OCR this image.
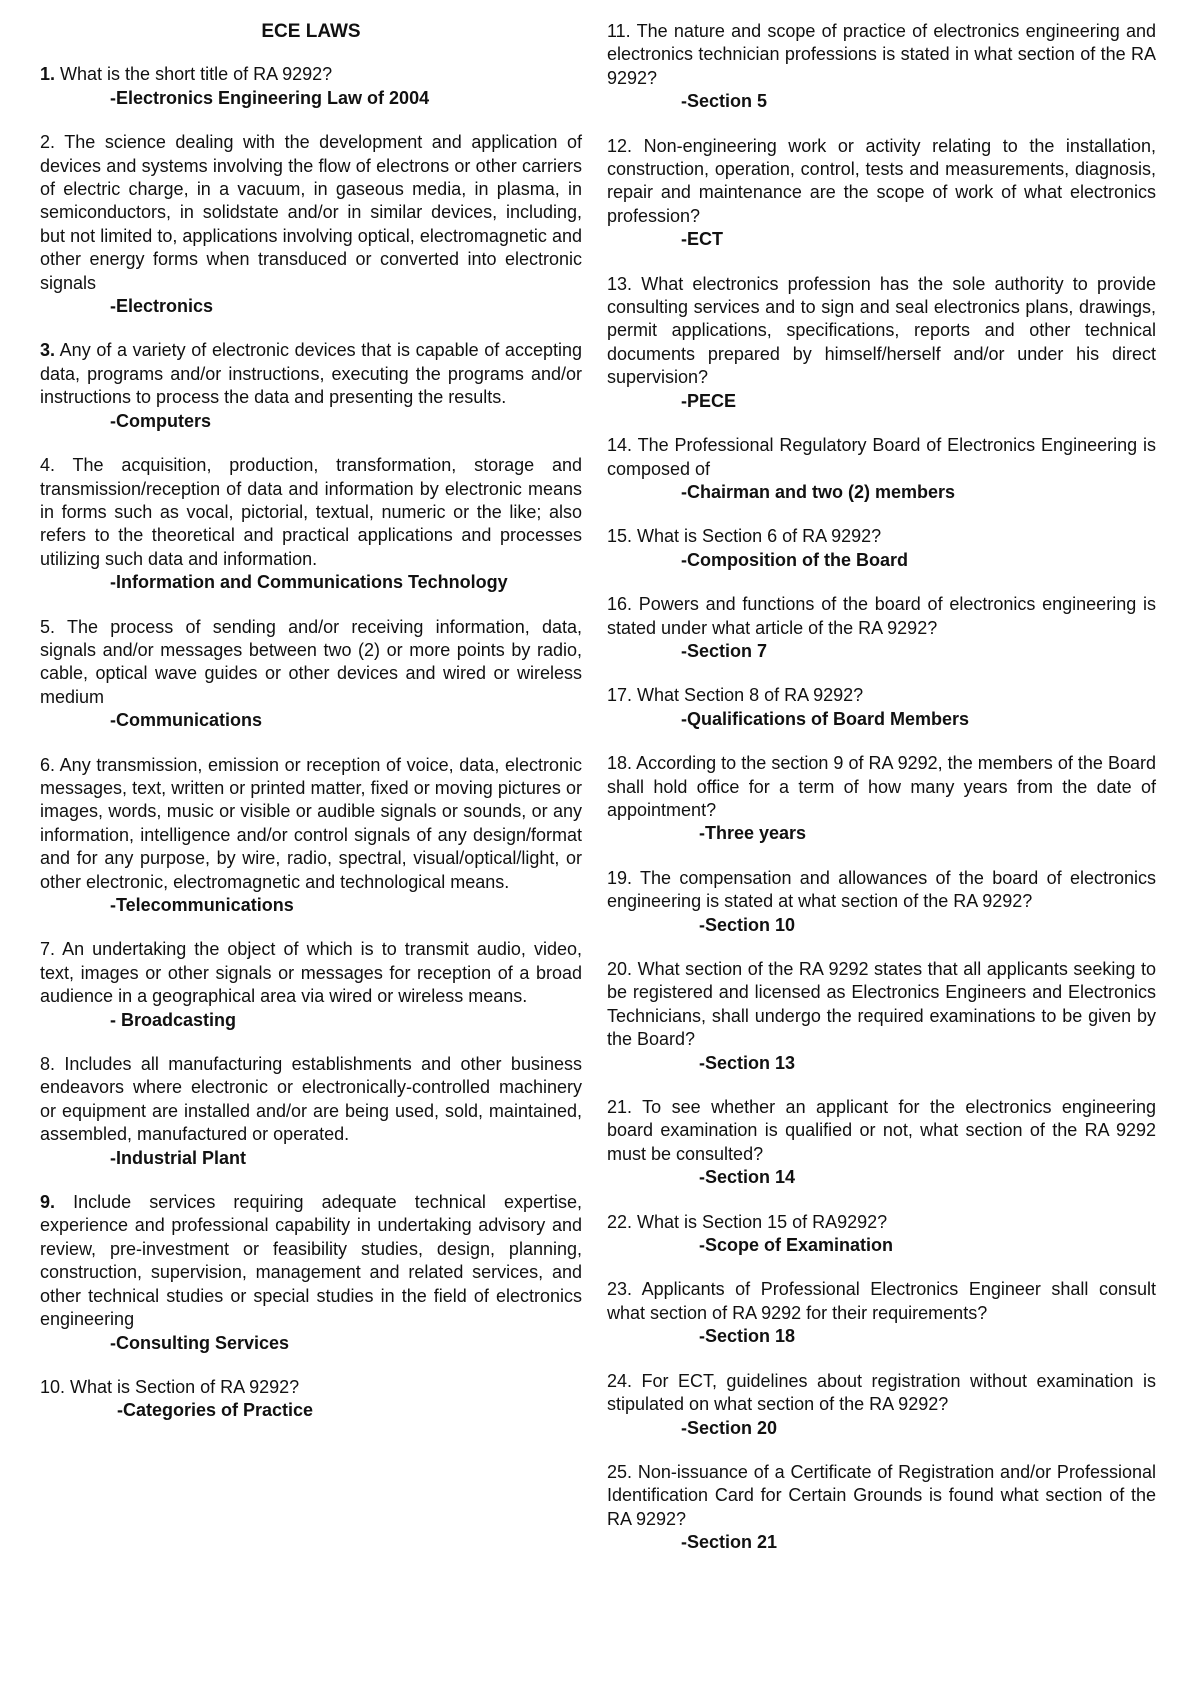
ECE LAWS

1. What is the short title of RA 9292?

-Electronics Engineering Law of 2004

2. The science dealing with the development and application of devices and systems involving the flow of electrons or other carriers of electric charge, in a vacuum, in gaseous media, in plasma, in semiconductors, in solidstate and/or in similar devices, including, but not limited to, applications involving optical, electromagnetic and other energy forms when transduced or converted into electronic signals

-Electronics

3. Any of a variety of electronic devices that is capable of accepting data, programs and/or instructions, executing the programs and/or instructions to process the data and presenting the results.

-Computers

4. The acquisition, production, transformation, storage and transmission/reception of data and information by electronic means in forms such as vocal, pictorial, textual, numeric or the like; also refers to the theoretical and practical applications and processes utilizing such data and information.

-Information and Communications Technology

5. The process of sending and/or receiving information, data, signals and/or messages between two (2) or more points by radio, cable, optical wave guides or other devices and wired or wireless medium

-Communications

6. Any transmission, emission or reception of voice, data, electronic messages, text, written or printed matter, fixed or moving pictures or images, words, music or visible or audible signals or sounds, or any information, intelligence and/or control signals of any design/format and for any purpose, by wire, radio, spectral, visual/optical/light, or other electronic, electromagnetic and technological means.

-Telecommunications

7. An undertaking the object of which is to transmit audio, video, text, images or other signals or messages for reception of a broad audience in a geographical area via wired or wireless means.

- Broadcasting

8. Includes all manufacturing establishments and other business endeavors where electronic or electronically-controlled machinery or equipment are installed and/or are being used, sold, maintained, assembled, manufactured or operated.

-Industrial Plant

9. Include services requiring adequate technical expertise, experience and professional capability in undertaking advisory and review, pre-investment or feasibility studies, design, planning, construction, supervision, management and related services, and other technical studies or special studies in the field of electronics engineering

-Consulting Services

10. What is Section of RA 9292?

-Categories of Practice

11. The nature and scope of practice of electronics engineering and electronics technician professions is stated in what section of the RA 9292?

-Section 5

12. Non-engineering work or activity relating to the installation, construction, operation, control, tests and measurements, diagnosis, repair and maintenance are the scope of work of what electronics profession?

-ECT

13. What electronics profession has the sole authority to provide consulting services and to sign and seal electronics plans, drawings, permit applications, specifications, reports and other technical documents prepared by himself/herself and/or under his direct supervision?

-PECE

14. The Professional Regulatory Board of Electronics Engineering is composed of

-Chairman and two (2) members

15. What is Section 6 of RA 9292?

-Composition of the Board

16. Powers and functions of the board of electronics engineering is stated under what article of the RA 9292?

-Section 7

17. What Section 8 of RA 9292?

-Qualifications of Board Members

18. According to the section 9 of RA 9292, the members of the Board shall hold office for a term of how many years from the date of appointment?

-Three years

19. The compensation and allowances of the board of electronics engineering is stated at what section of the RA 9292?

-Section 10

20. What section of the RA 9292 states that all applicants seeking to be registered and licensed as Electronics Engineers and Electronics Technicians, shall undergo the required examinations to be given by the Board?

-Section 13

21. To see whether an applicant for the electronics engineering board examination is qualified or not, what section of the RA 9292 must be consulted?

-Section 14

22. What is Section 15 of RA9292?

-Scope of Examination

23. Applicants of Professional Electronics Engineer shall consult what section of RA 9292 for their requirements?

-Section 18

24. For ECT, guidelines about registration without examination is stipulated on what section of the RA 9292?

-Section 20

25. Non-issuance of a Certificate of Registration and/or Professional Identification Card for Certain Grounds is found what section of the RA 9292?

-Section 21
